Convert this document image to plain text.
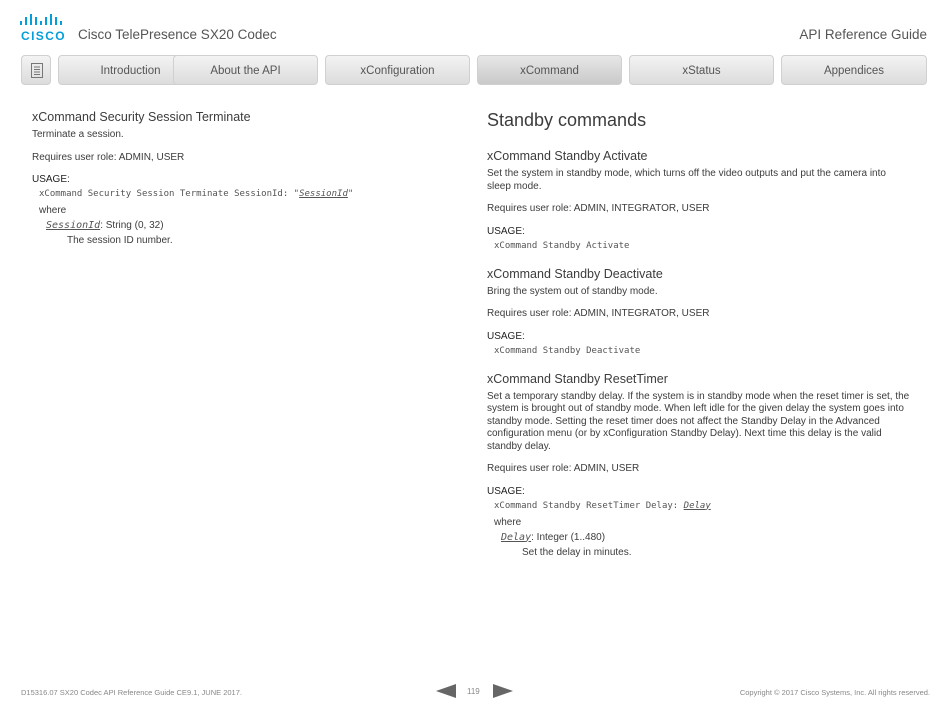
CISCO Cisco TelePresence SX20 Codec	API Reference Guide
Introduction	About the API	xConfiguration	xCommand	xStatus	Appendices
xCommand Security Session Terminate

Terminate a session.

Requires user role: ADMIN, USER

USAGE:
xCommand Security Session Terminate SessionId: "SessionId"
where
SessionId: String (0, 32)
The session ID number.
Standby commands
xCommand Standby Activate

Set the system in standby mode, which turns off the video outputs and put the camera into sleep mode.

Requires user role: ADMIN, INTEGRATOR, USER

USAGE:
xCommand Standby Activate
xCommand Standby Deactivate

Bring the system out of standby mode.

Requires user role: ADMIN, INTEGRATOR, USER

USAGE:
xCommand Standby Deactivate
xCommand Standby ResetTimer

Set a temporary standby delay. If the system is in standby mode when the reset timer is set, the system is brought out of standby mode. When left idle for the given delay the system goes into standby mode. Setting the reset timer does not affect the Standby Delay in the Advanced configuration menu (or by xConfiguration Standby Delay). Next time this delay is the valid standby delay.

Requires user role: ADMIN, USER

USAGE:
xCommand Standby ResetTimer Delay: Delay
where
Delay: Integer (1..480)
Set the delay in minutes.
D15316.07 SX20 Codec API Reference Guide CE9.1, JUNE 2017.	119	Copyright © 2017 Cisco Systems, Inc. All rights reserved.
